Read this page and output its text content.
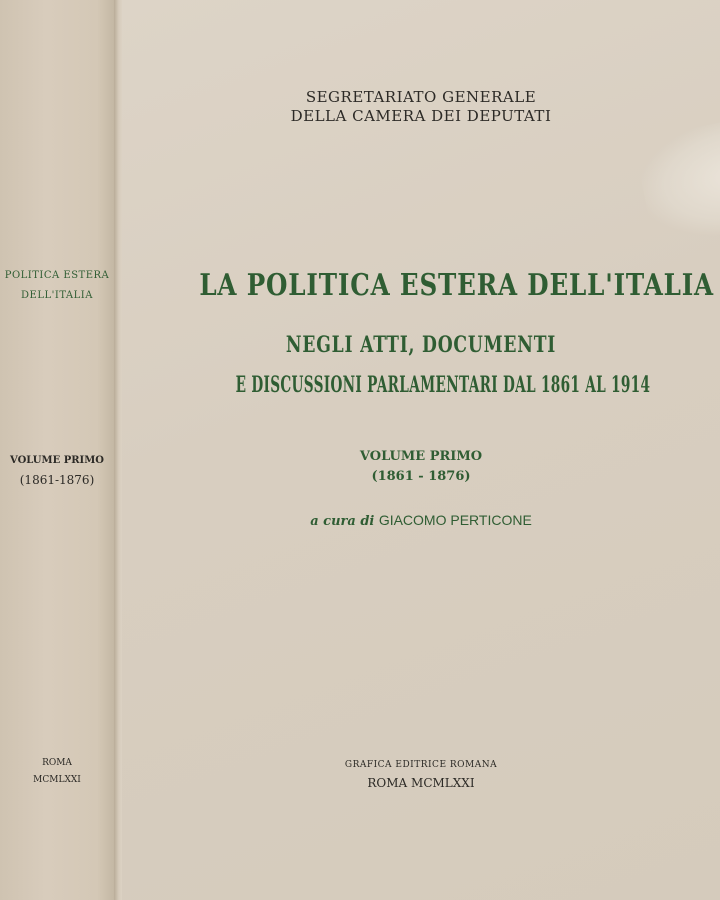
POLITICA ESTERA
DELL'ITALIA
VOLUME PRIMO
(1861-1876)
ROMA
MCMLXXI
SEGRETARIATO GENERALE
DELLA CAMERA DEI DEPUTATI
LA POLITICA ESTERA DELL'ITALIA
NEGLI ATTI, DOCUMENTI
E DISCUSSIONI PARLAMENTARI DAL 1861 AL 1914
VOLUME PRIMO
(1861 - 1876)
a cura di GIACOMO PERTICONE
GRAFICA EDITRICE ROMANA
ROMA MCMLXXI
